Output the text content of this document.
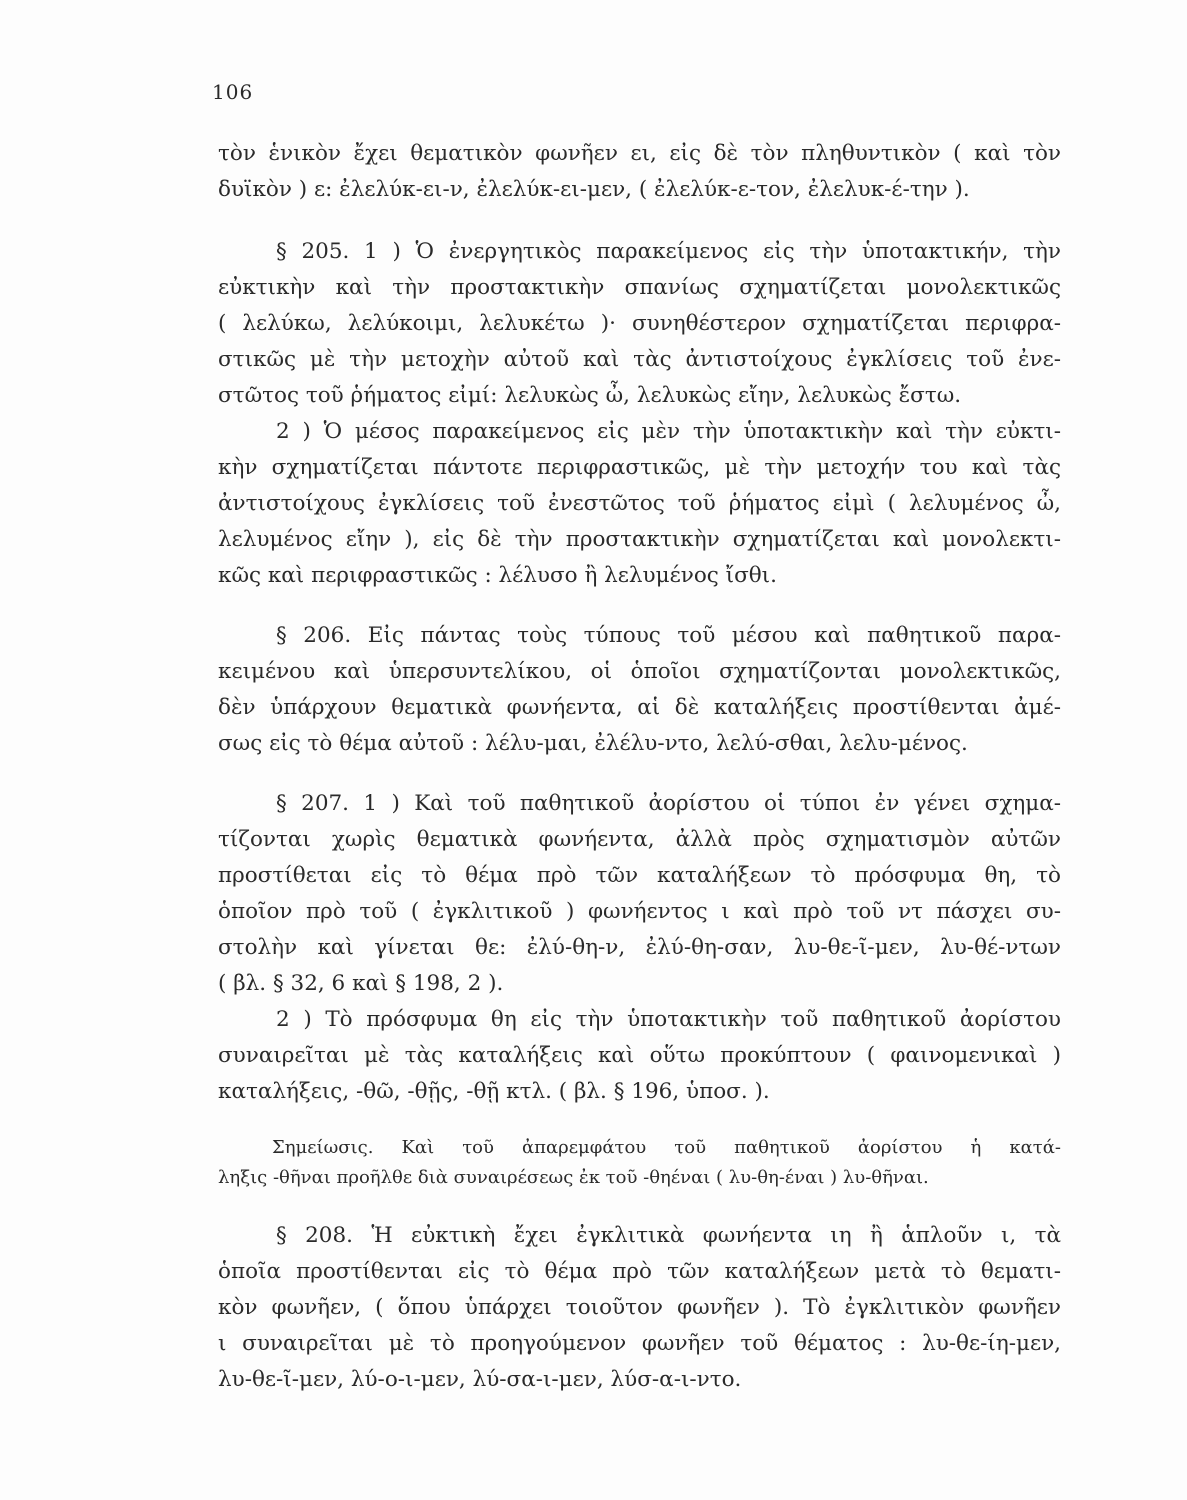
106
τὸν ἑνικὸν ἔχει θεματικὸν φωνῆεν ει, εἰς δὲ τὸν πληθυντικὸν ( καὶ τὸν
δυϊκὸν ) ε: ἐλελύκ-ει-ν, ἐλελύκ-ει-μεν, ( ἐλελύκ-ε-τον, ἐλελυκ-έ-την ).
§ 205. 1 ) Ὁ ἐνεργητικὸς παρακείμενος εἰς τὴν ὑποτακτικήν, τὴν
εὐκτικὴν καὶ τὴν προστακτικὴν σπανίως σχηματίζεται μονολεκτικῶς
( λελύκω, λελύκοιμι, λελυκέτω )· συνηθέστερον σχηματίζεται περιφρα-
στικῶς μὲ τὴν μετοχὴν αὐτοῦ καὶ τὰς ἀντιστοίχους ἐγκλίσεις τοῦ ἐνε-
στῶτος τοῦ ῥήματος εἰμί: λελυκὼς ὦ, λελυκὼς εἴην, λελυκὼς ἔστω.
2 ) Ὁ μέσος παρακείμενος εἰς μὲν τὴν ὑποτακτικὴν καὶ τὴν εὐκτι-
κὴν σχηματίζεται πάντοτε περιφραστικῶς, μὲ τὴν μετοχήν του καὶ τὰς
ἀντιστοίχους ἐγκλίσεις τοῦ ἐνεστῶτος τοῦ ῥήματος εἰμὶ ( λελυμένος ὦ,
λελυμένος εἴην ), εἰς δὲ τὴν προστακτικὴν σχηματίζεται καὶ μονολεκτι-
κῶς καὶ περιφραστικῶς : λέλυσο ἢ λελυμένος ἴσθι.
§ 206. Εἰς πάντας τοὺς τύπους τοῦ μέσου καὶ παθητικοῦ παρα-
κειμένου καὶ ὑπερσυντελίκου, οἱ ὁποῖοι σχηματίζονται μονολεκτικῶς,
δὲν ὑπάρχουν θεματικὰ φωνήεντα, αἱ δὲ καταλήξεις προστίθενται ἀμέ-
σως εἰς τὸ θέμα αὐτοῦ : λέλυ-μαι, ἐλέλυ-ντο, λελύ-σθαι, λελυ-μένος.
§ 207. 1 ) Καὶ τοῦ παθητικοῦ ἀορίστου οἱ τύποι ἐν γένει σχημα-
τίζονται χωρὶς θεματικὰ φωνήεντα, ἀλλὰ πρὸς σχηματισμὸν αὐτῶν
προστίθεται εἰς τὸ θέμα πρὸ τῶν καταλήξεων τὸ πρόσφυμα θη, τὸ
ὁποῖον πρὸ τοῦ ( ἐγκλιτικοῦ ) φωνήεντος ι καὶ πρὸ τοῦ ντ πάσχει συ-
στολὴν καὶ γίνεται θε: ἐλύ-θη-ν, ἐλύ-θη-σαν, λυ-θε-ῖ-μεν, λυ-θέ-ντων
( βλ. § 32, 6 καὶ § 198, 2 ).
2 ) Τὸ πρόσφυμα θη εἰς τὴν ὑποτακτικὴν τοῦ παθητικοῦ ἀορίστου
συναιρεῖται μὲ τὰς καταλήξεις καὶ οὕτω προκύπτουν ( φαινομενικαὶ )
καταλήξεις, -θῶ, -θῇς, -θῇ κτλ. ( βλ. § 196, ὑποσ. ).
Σημείωσις. Καὶ τοῦ ἀπαρεμφάτου τοῦ παθητικοῦ ἀορίστου ἡ κατά-
ληξις -θῆναι προῆλθε διὰ συναιρέσεως ἐκ τοῦ -θηέναι ( λυ-θη-έναι ) λυ-θῆναι.
§ 208. Ἡ εὐκτικὴ ἔχει ἐγκλιτικὰ φωνήεντα ιη ἢ ἁπλοῦν ι, τὰ
ὁποῖα προστίθενται εἰς τὸ θέμα πρὸ τῶν καταλήξεων μετὰ τὸ θεματι-
κὸν φωνῆεν, ( ὅπου ὑπάρχει τοιοῦτον φωνῆεν ). Τὸ ἐγκλιτικὸν φωνῆεν
ι συναιρεῖται μὲ τὸ προηγούμενον φωνῆεν τοῦ θέματος : λυ-θε-ίη-μεν,
λυ-θε-ῖ-μεν, λύ-ο-ι-μεν, λύ-σα-ι-μεν, λύσ-α-ι-ντο.
